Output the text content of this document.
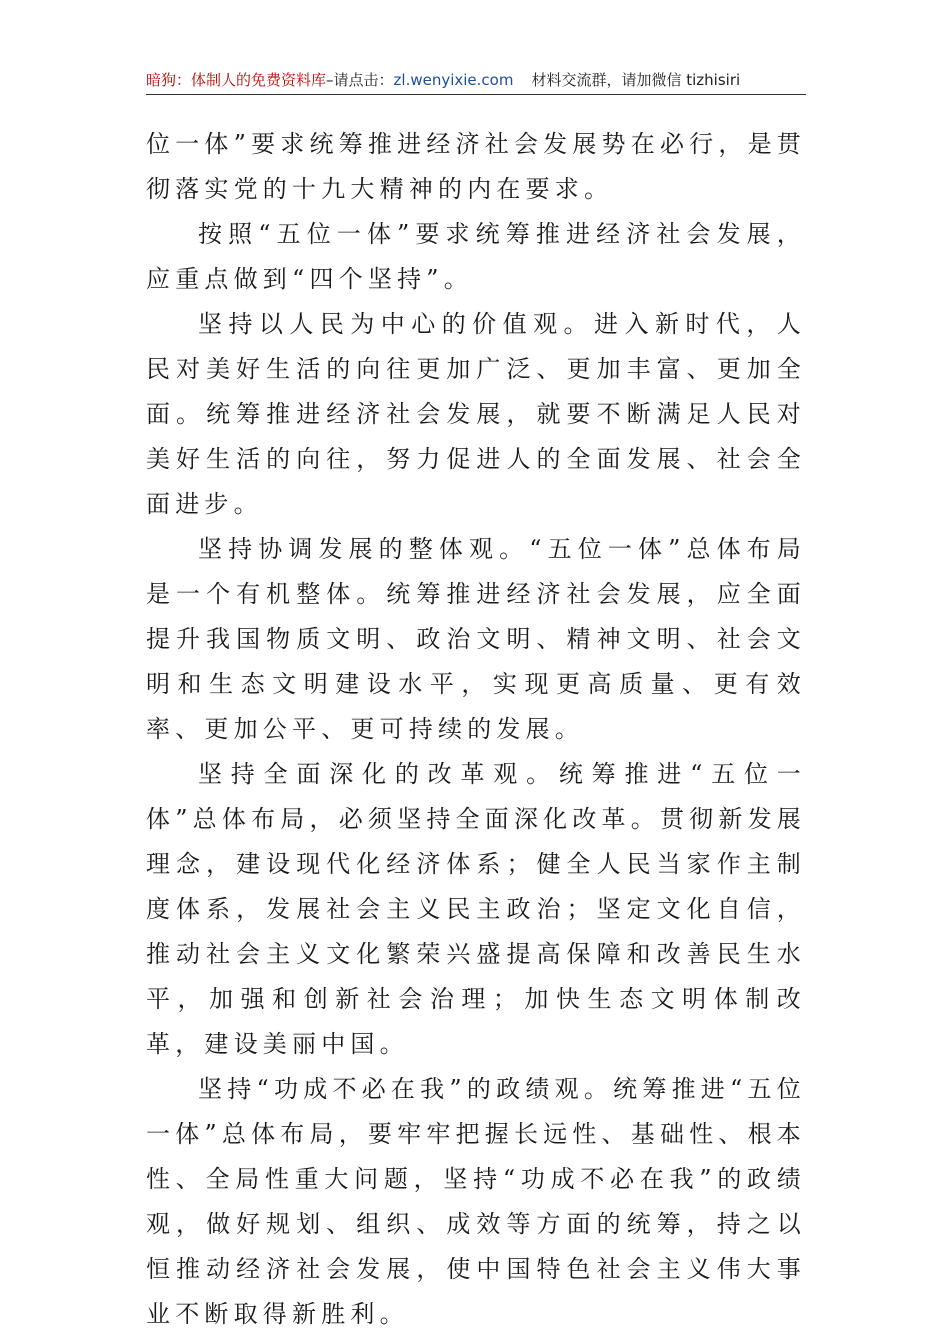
暗狗：体制人的免费资料库–请点击：zl.wenyixie.com 材料交流群，请加微信 tizhisiri

位一体”要求统筹推进经济社会发展势在必行，是贯彻落实党的十九大精神的内在要求。

按照“五位一体”要求统筹推进经济社会发展，应重点做到“四个坚持”。

坚持以人民为中心的价值观。进入新时代，人民对美好生活的向往更加广泛、更加丰富、更加全面。统筹推进经济社会发展，就要不断满足人民对美好生活的向往，努力促进人的全面发展、社会全面进步。

坚持协调发展的整体观。“五位一体”总体布局是一个有机整体。统筹推进经济社会发展，应全面提升我国物质文明、政治文明、精神文明、社会文明和生态文明建设水平，实现更高质量、更有效率、更加公平、更可持续的发展。

坚持全面深化的改革观。统筹推进“五位一体”总体布局，必须坚持全面深化改革。贯彻新发展理念，建设现代化经济体系；健全人民当家作主制度体系，发展社会主义民主政治；坚定文化自信，推动社会主义文化繁荣兴盛提高保障和改善民生水平，加强和创新社会治理；加快生态文明体制改革，建设美丽中国。

坚持“功成不必在我”的政绩观。统筹推进“五位一体”总体布局，要牢牢把握长远性、基础性、根本性、全局性重大问题，坚持“功成不必在我”的政绩观，做好规划、组织、成效等方面的统筹，持之以恒推动经济社会发展，使中国特色社会主义伟大事业不断取得新胜利。
